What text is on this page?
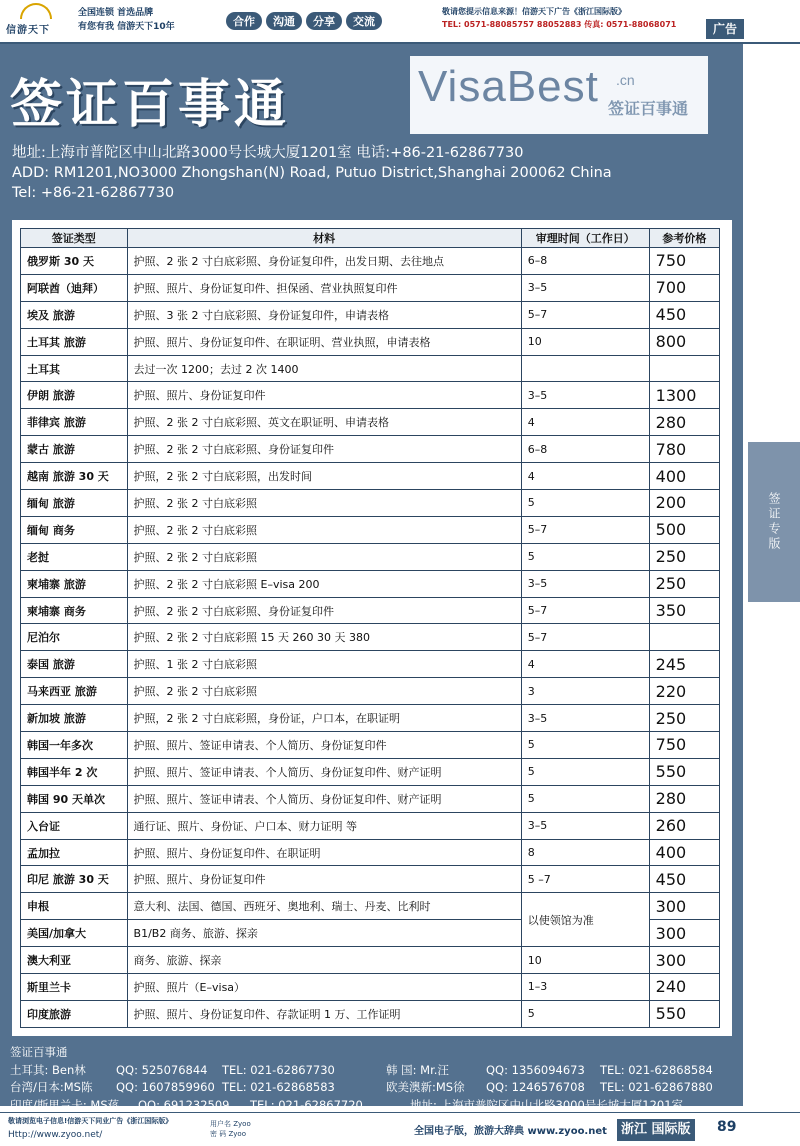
信游天下
全国连锁 首选品牌
有您有我 信游天下10年	合作	沟通	分享	交流
敬请您提示信息来源！信游天下广告《浙江国际版》
TEL: 0571-88085757 88052883 传真: 0571-88068071	广告
签证百事通	VisaBest .cn
签证百事通
地址:上海市普陀区中山北路3000号长城大厦1201室 电话:+86-21-62867730
ADD: RM1201,NO3000 Zhongshan(N) Road, Putuo District,Shanghai 200062 China
Tel: +86-21-62867730
签证类型	材料	审理时间（工作日）	参考价格
俄罗斯 30 天	护照、2 张 2 寸白底彩照、身份证复印件，出发日期、去往地点	6–8	750
阿联酋（迪拜）	护照、照片、身份证复印件、担保函、营业执照复印件	3–5	700
埃及 旅游	护照、3 张 2 寸白底彩照、身份证复印件，申请表格	5–7	450
土耳其 旅游	护照、照片、身份证复印件、在职证明、营业执照，申请表格	10	800
土耳其	去过一次 1200；去过 2 次 1400		
伊朗 旅游	护照、照片、身份证复印件	3–5	1300
菲律宾 旅游	护照、2 张 2 寸白底彩照、英文在职证明、申请表格	4	280
蒙古 旅游	护照、2 张 2 寸白底彩照、身份证复印件	6–8	780
越南 旅游 30 天	护照，2 张 2 寸白底彩照，出发时间	4	400
缅甸 旅游	护照、2 张 2 寸白底彩照	5	200
缅甸 商务	护照、2 张 2 寸白底彩照	5–7	500
老挝	护照、2 张 2 寸白底彩照	5	250
柬埔寨 旅游	护照、2 张 2 寸白底彩照 E–visa 200	3–5	250
柬埔寨 商务	护照、2 张 2 寸白底彩照、身份证复印件	5–7	350
尼泊尔	护照、2 张 2 寸白底彩照 15 天 260 30 天 380	5–7	
泰国 旅游	护照、1 张 2 寸白底彩照	4	245
马来西亚 旅游	护照、2 张 2 寸白底彩照	3	220
新加坡 旅游	护照，2 张 2 寸白底彩照，身份证，户口本，在职证明	3–5	250
韩国一年多次	护照、照片、签证申请表、个人简历、身份证复印件	5	750
韩国半年 2 次	护照、照片、签证申请表、个人简历、身份证复印件、财产证明	5	550
韩国 90 天单次	护照、照片、签证申请表、个人简历、身份证复印件、财产证明	5	280
入台证	通行证、照片、身份证、户口本、财力证明 等	3–5	260
孟加拉	护照、照片、身份证复印件、在职证明	8	400
印尼 旅游 30 天	护照、照片、身份证复印件	5 –7	450
申根	意大利、法国、德国、西班牙、奥地利、瑞士、丹麦、比利时	以使领馆为准	300
美国/加拿大	B1/B2 商务、旅游、探亲		300
澳大利亚	商务、旅游、探亲	10	300
斯里兰卡	护照、照片（E–visa）	1–3	240
印度旅游	护照、照片、身份证复印件、存款证明 1 万、工作证明	5	550
签证百事通
土耳其: Ben林	QQ: 525076844 TEL: 021-62867730	韩 国: Mr.汪	QQ: 1356094673 TEL: 021-62868584
台湾/日本:MS陈 QQ: 1607859960 TEL: 021-62868583	欧美澳新:MS徐 QQ: 1246576708 TEL: 021-62867880
印度/斯里兰卡: MS蒋 QQ: 691232509 TEL: 021-62867720	地址: 上海市普陀区中山北路3000号长城大厦1201室
签证专版
敬请浏览电子信息!信游天下同业广告《浙江国际版》
Http://www.zyoo.net/
用户名 Zyoo
密 码 Zyoo	全国电子版，旅游大辞典 www.zyoo.net	浙江 国际版 89
